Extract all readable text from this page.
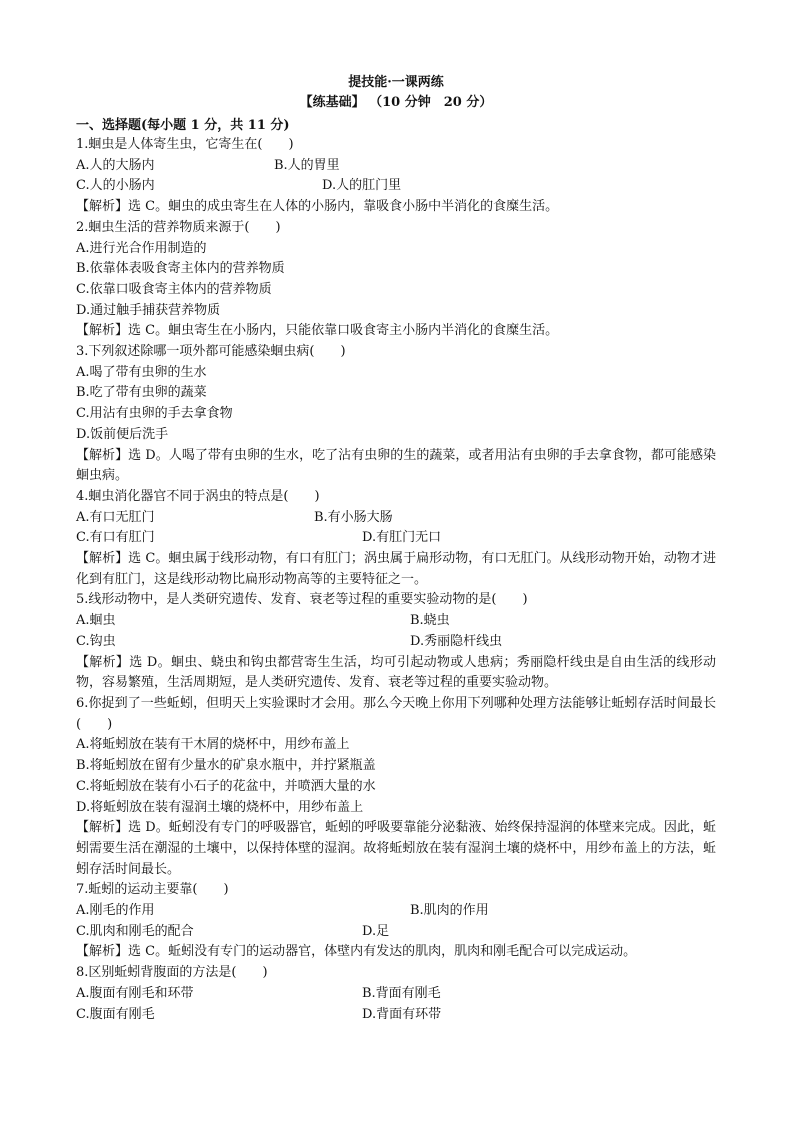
提技能·一课两练
【练基础】 （10 分钟　20 分）
一、选择题(每小题 1 分，共 11 分)
1.蛔虫是人体寄生虫，它寄生在(　　)
A.人的大肠内	B.人的胃里
C.人的小肠内	D.人的肛门里
【解析】选 C。蛔虫的成虫寄生在人体的小肠内，靠吸食小肠中半消化的食糜生活。
2.蛔虫生活的营养物质来源于(　　)
A.进行光合作用制造的
B.依靠体表吸食寄主体内的营养物质
C.依靠口吸食寄主体内的营养物质
D.通过触手捕获营养物质
【解析】选 C。蛔虫寄生在小肠内，只能依靠口吸食寄主小肠内半消化的食糜生活。
3.下列叙述除哪一项外都可能感染蛔虫病(　　)
A.喝了带有虫卵的生水
B.吃了带有虫卵的蔬菜
C.用沾有虫卵的手去拿食物
D.饭前便后洗手
【解析】选 D。人喝了带有虫卵的生水，吃了沾有虫卵的生的蔬菜，或者用沾有虫卵的手去拿食物，都可能感染蛔虫病。
4.蛔虫消化器官不同于涡虫的特点是(　　)
A.有口无肛门	B.有小肠大肠
C.有口有肛门	D.有肛门无口
【解析】选 C。蛔虫属于线形动物，有口有肛门；涡虫属于扁形动物，有口无肛门。从线形动物开始，动物才进化到有肛门，这是线形动物比扁形动物高等的主要特征之一。
5.线形动物中，是人类研究遗传、发育、衰老等过程的重要实验动物的是(　　)
A.蛔虫	B.蛲虫
C.钩虫	D.秀丽隐杆线虫
【解析】选 D。蛔虫、蛲虫和钩虫都营寄生生活，均可引起动物或人患病；秀丽隐杆线虫是自由生活的线形动物，容易繁殖，生活周期短，是人类研究遗传、发育、衰老等过程的重要实验动物。
6.你捉到了一些蚯蚓，但明天上实验课时才会用。那么今天晚上你用下列哪种处理方法能够让蚯蚓存活时间最长(　　)
A.将蚯蚓放在装有干木屑的烧杯中，用纱布盖上
B.将蚯蚓放在留有少量水的矿泉水瓶中，并拧紧瓶盖
C.将蚯蚓放在装有小石子的花盆中，并喷洒大量的水
D.将蚯蚓放在装有湿润土壤的烧杯中，用纱布盖上
【解析】选 D。蚯蚓没有专门的呼吸器官，蚯蚓的呼吸要靠能分泌黏液、始终保持湿润的体壁来完成。因此，蚯蚓需要生活在潮湿的土壤中，以保持体壁的湿润。故将蚯蚓放在装有湿润土壤的烧杯中，用纱布盖上的方法，蚯蚓存活时间最长。
7.蚯蚓的运动主要靠(　　)
A.刚毛的作用	B.肌肉的作用
C.肌肉和刚毛的配合	D.足
【解析】选 C。蚯蚓没有专门的运动器官，体壁内有发达的肌肉，肌肉和刚毛配合可以完成运动。
8.区别蚯蚓背腹面的方法是(　　)
A.腹面有刚毛和环带	B.背面有刚毛
C.腹面有刚毛	D.背面有环带
